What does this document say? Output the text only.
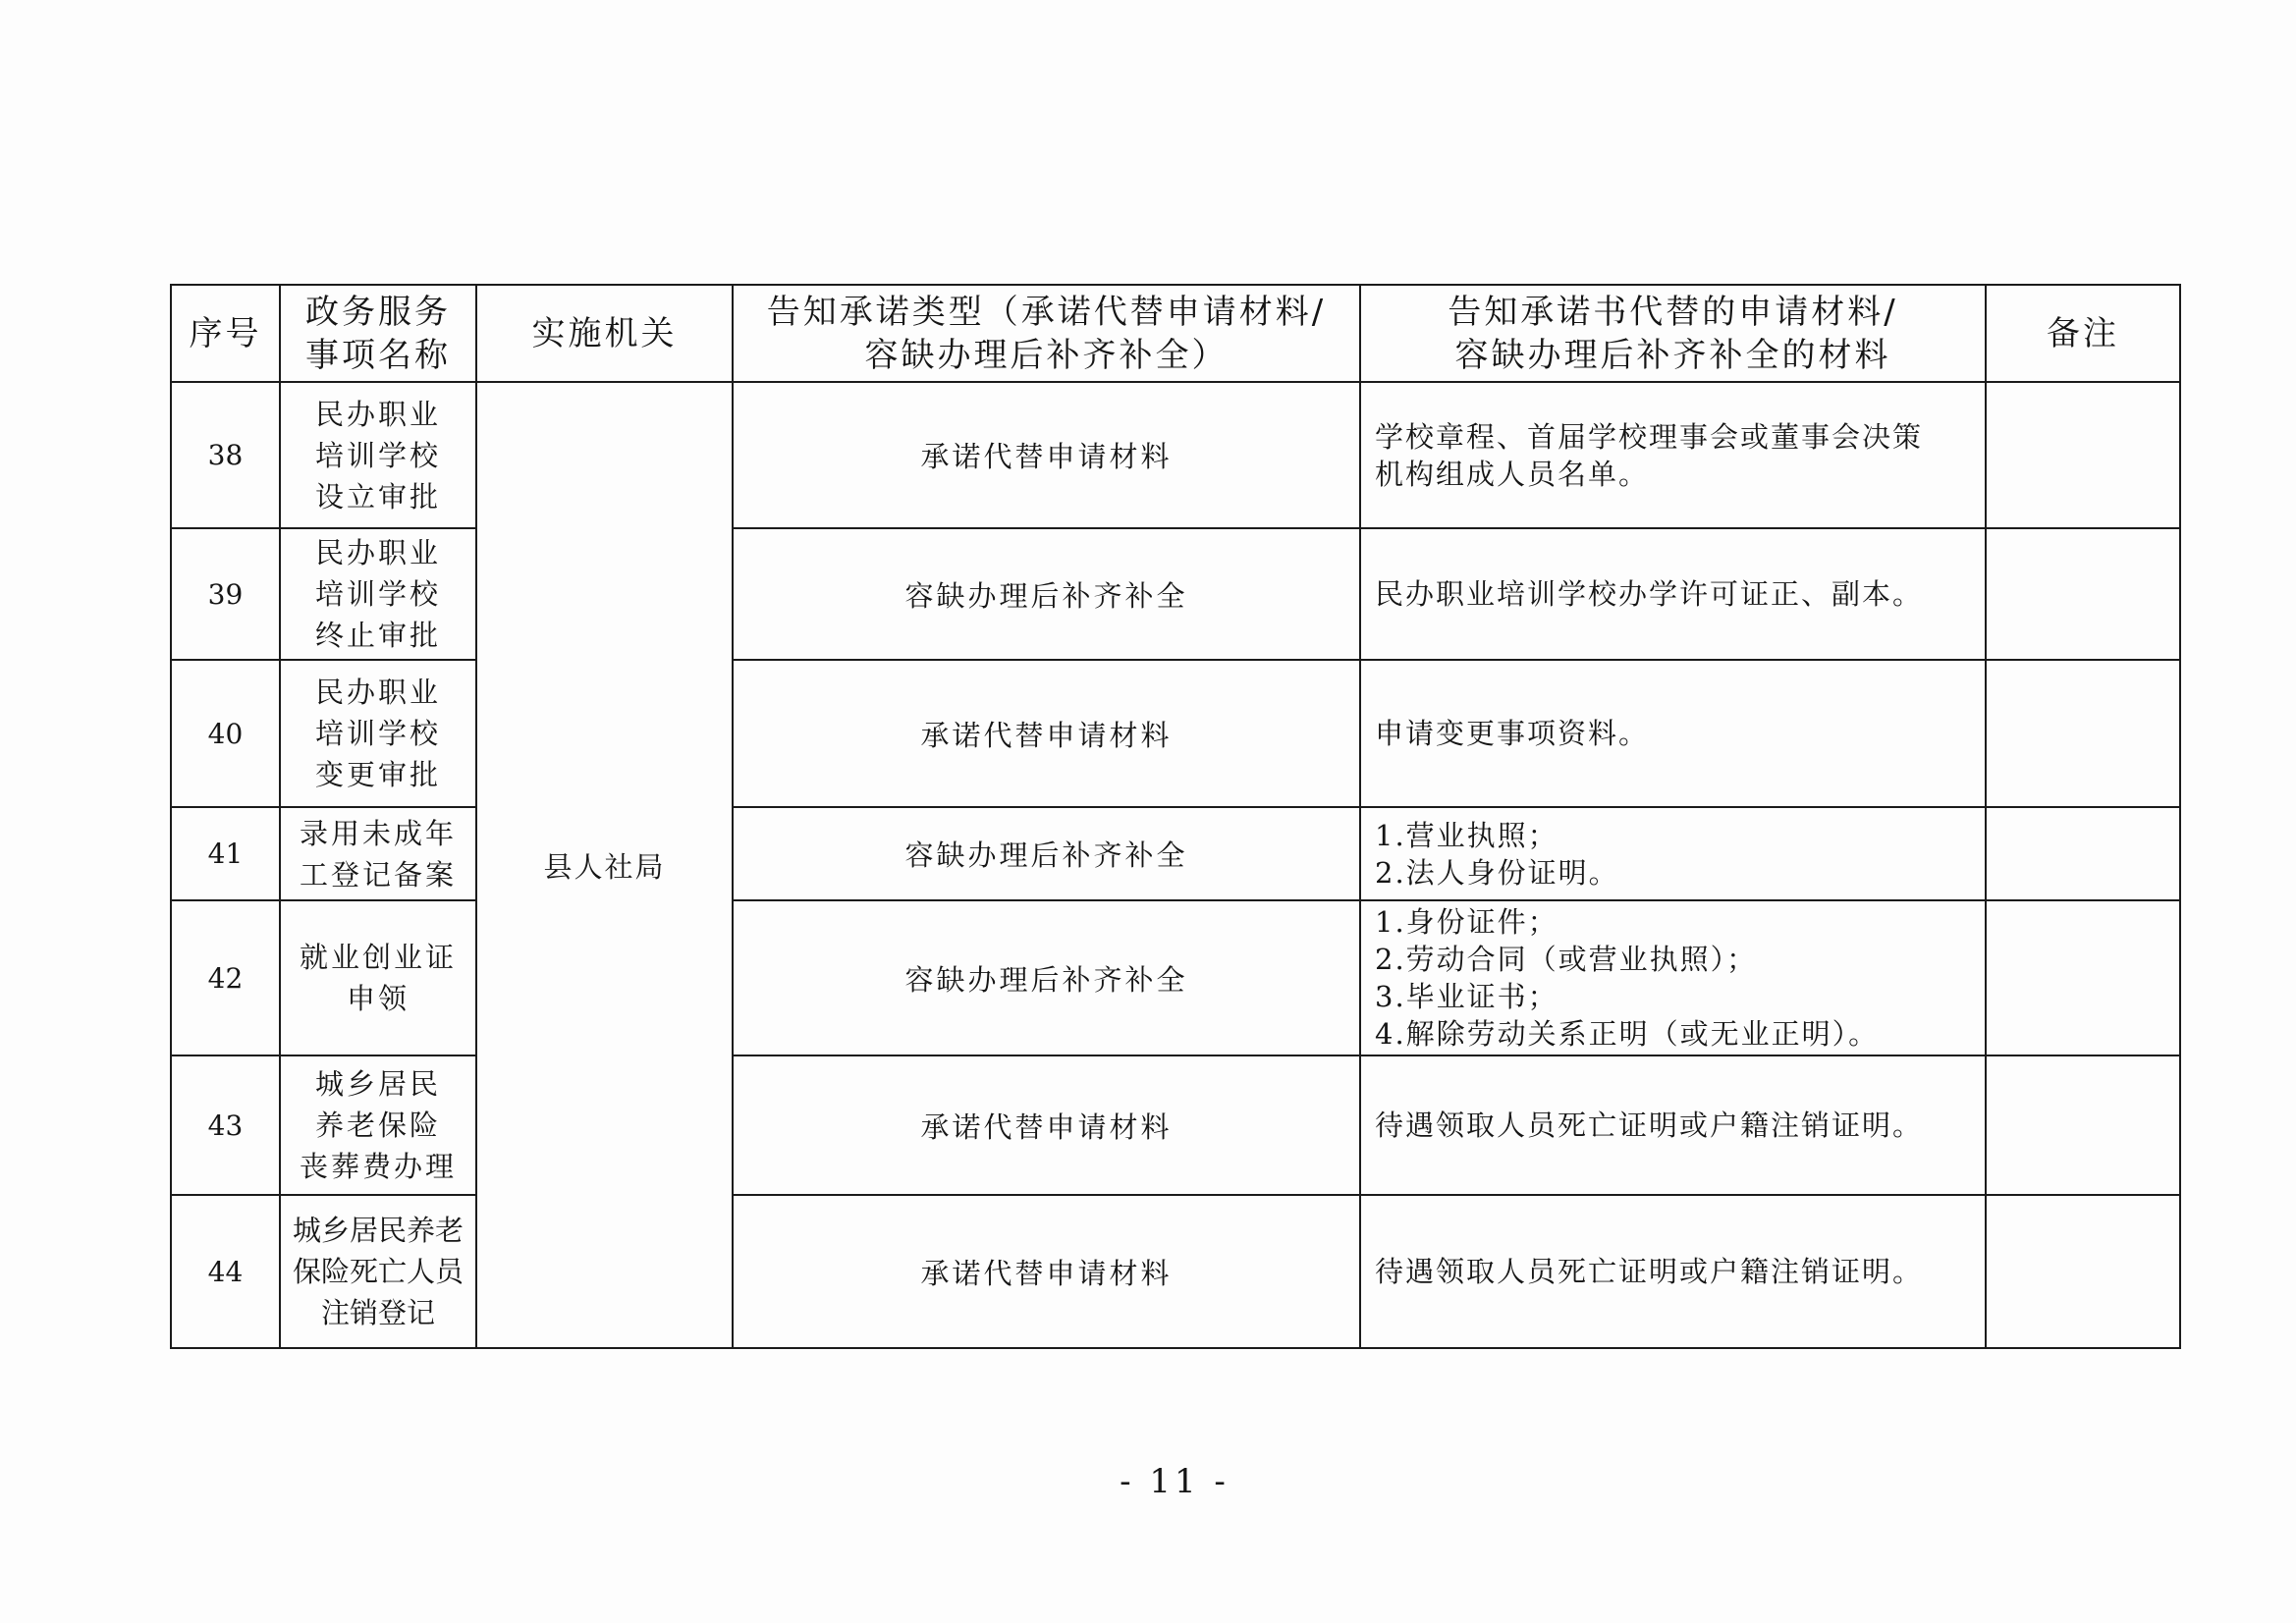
序号	政务服务
事项名称	实施机关	告知承诺类型（承诺代替申请材料/
容缺办理后补齐补全）	告知承诺书代替的申请材料/
容缺办理后补齐补全的材料	备注
38	民办职业
培训学校
设立审批	县人社局	承诺代替申请材料	学校章程、首届学校理事会或董事会决策
机构组成人员名单。	

39	民办职业
培训学校
终止审批		容缺办理后补齐补全	民办职业培训学校办学许可证正、副本。	

40	民办职业
培训学校
变更审批		承诺代替申请材料	申请变更事项资料。	

41	录用未成年
工登记备案		容缺办理后补齐补全	1.营业执照；
2.法人身份证明。	

42	就业创业证
申领		容缺办理后补齐补全	1.身份证件；
2.劳动合同（或营业执照）；
3.毕业证书；
4.解除劳动关系正明（或无业正明）。	

43	城乡居民
养老保险
丧葬费办理		承诺代替申请材料	待遇领取人员死亡证明或户籍注销证明。	

44	城乡居民养老
保险死亡人员
注销登记		承诺代替申请材料	待遇领取人员死亡证明或户籍注销证明。	

- 11 -
